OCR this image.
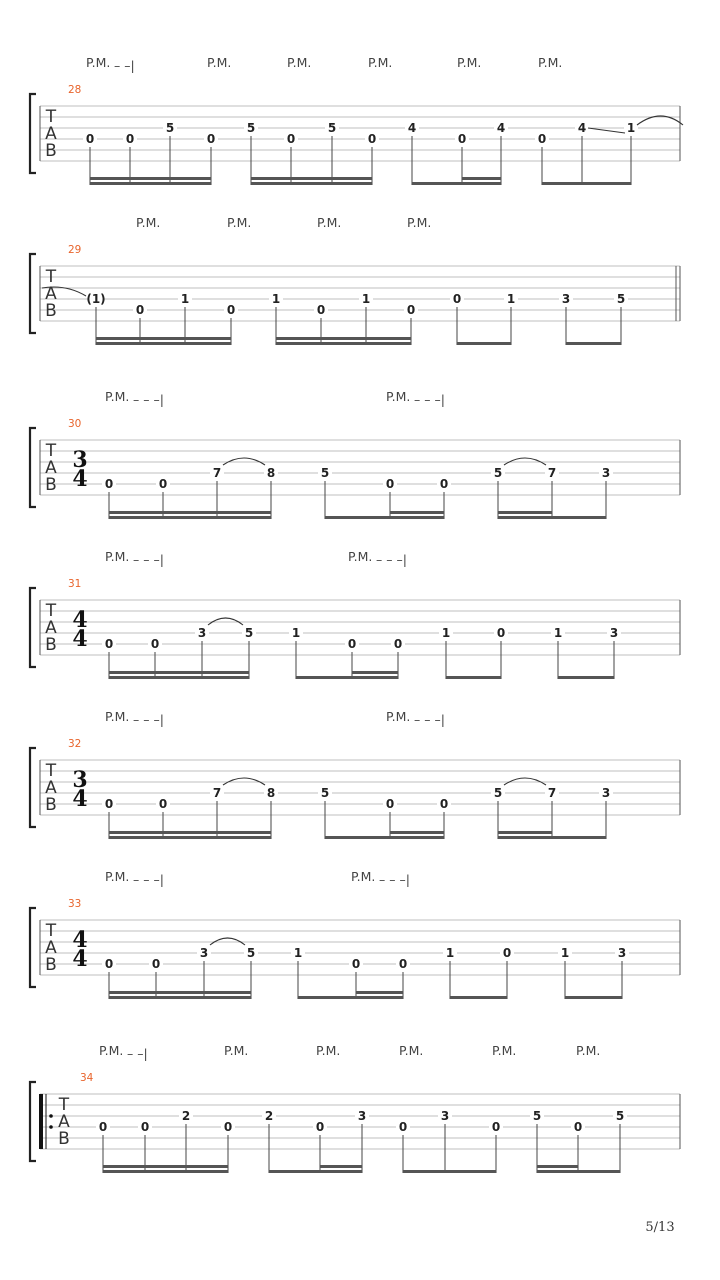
T
A
B
28
P.M. – –|	P.M.	P.M.	P.M.	P.M.	P.M.
0	0
5
0
5
0
5
0
4
0
4
0
4	1
T
A
B
29
P.M.	P.M.	P.M.	P.M.
(1)
0
1
0
1
0
1
0
0	1	3	5
T
A
B
3
4
30
P.M. – – –|	P.M. – – –|
0	0
7	8	5
0	0
5	7	3
T
A
B
4
4
31
P.M. – – –|	P.M. – – –|
0	0
3	5	1
0	0
1	0	1	3
T
A
B
3
4
32
P.M. – – –|	P.M. – – –|
0	0
7	8	5
0	0
5	7	3
T
A
B
4
4
33
P.M. – – –|	P.M. – – –|
0	0
3	5	1
0	0
1	0	1	3
T
A
B
34
P.M. – –|	P.M.	P.M.	P.M.	P.M.	P.M.
0	0
2
0
2
0
3
0
3
0
5
0
5
5/13
